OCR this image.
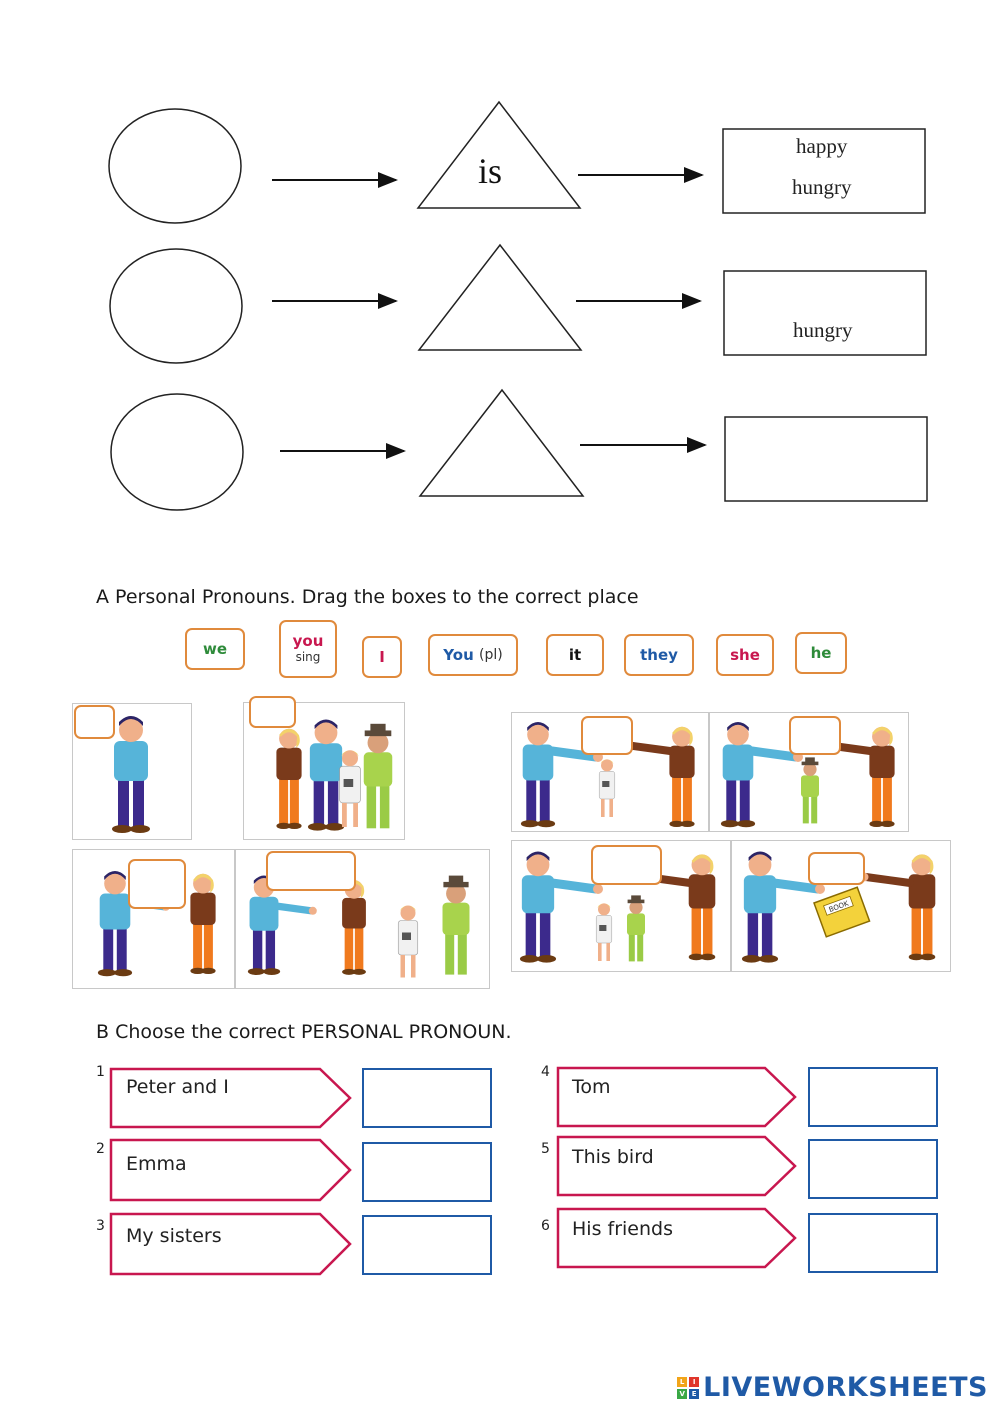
is
happy
hungry
hungry
A Personal Pronouns. Drag the boxes to the correct place
we	you
sing	I	You
(pl)	it	they	she	he
BOOK
B Choose the correct PERSONAL PRONOUN.
1
2
3
4
5
6
Peter and I
Emma
My sisters
Tom
This bird
His friends
L	I
V E LIVEWORKSHEETS
